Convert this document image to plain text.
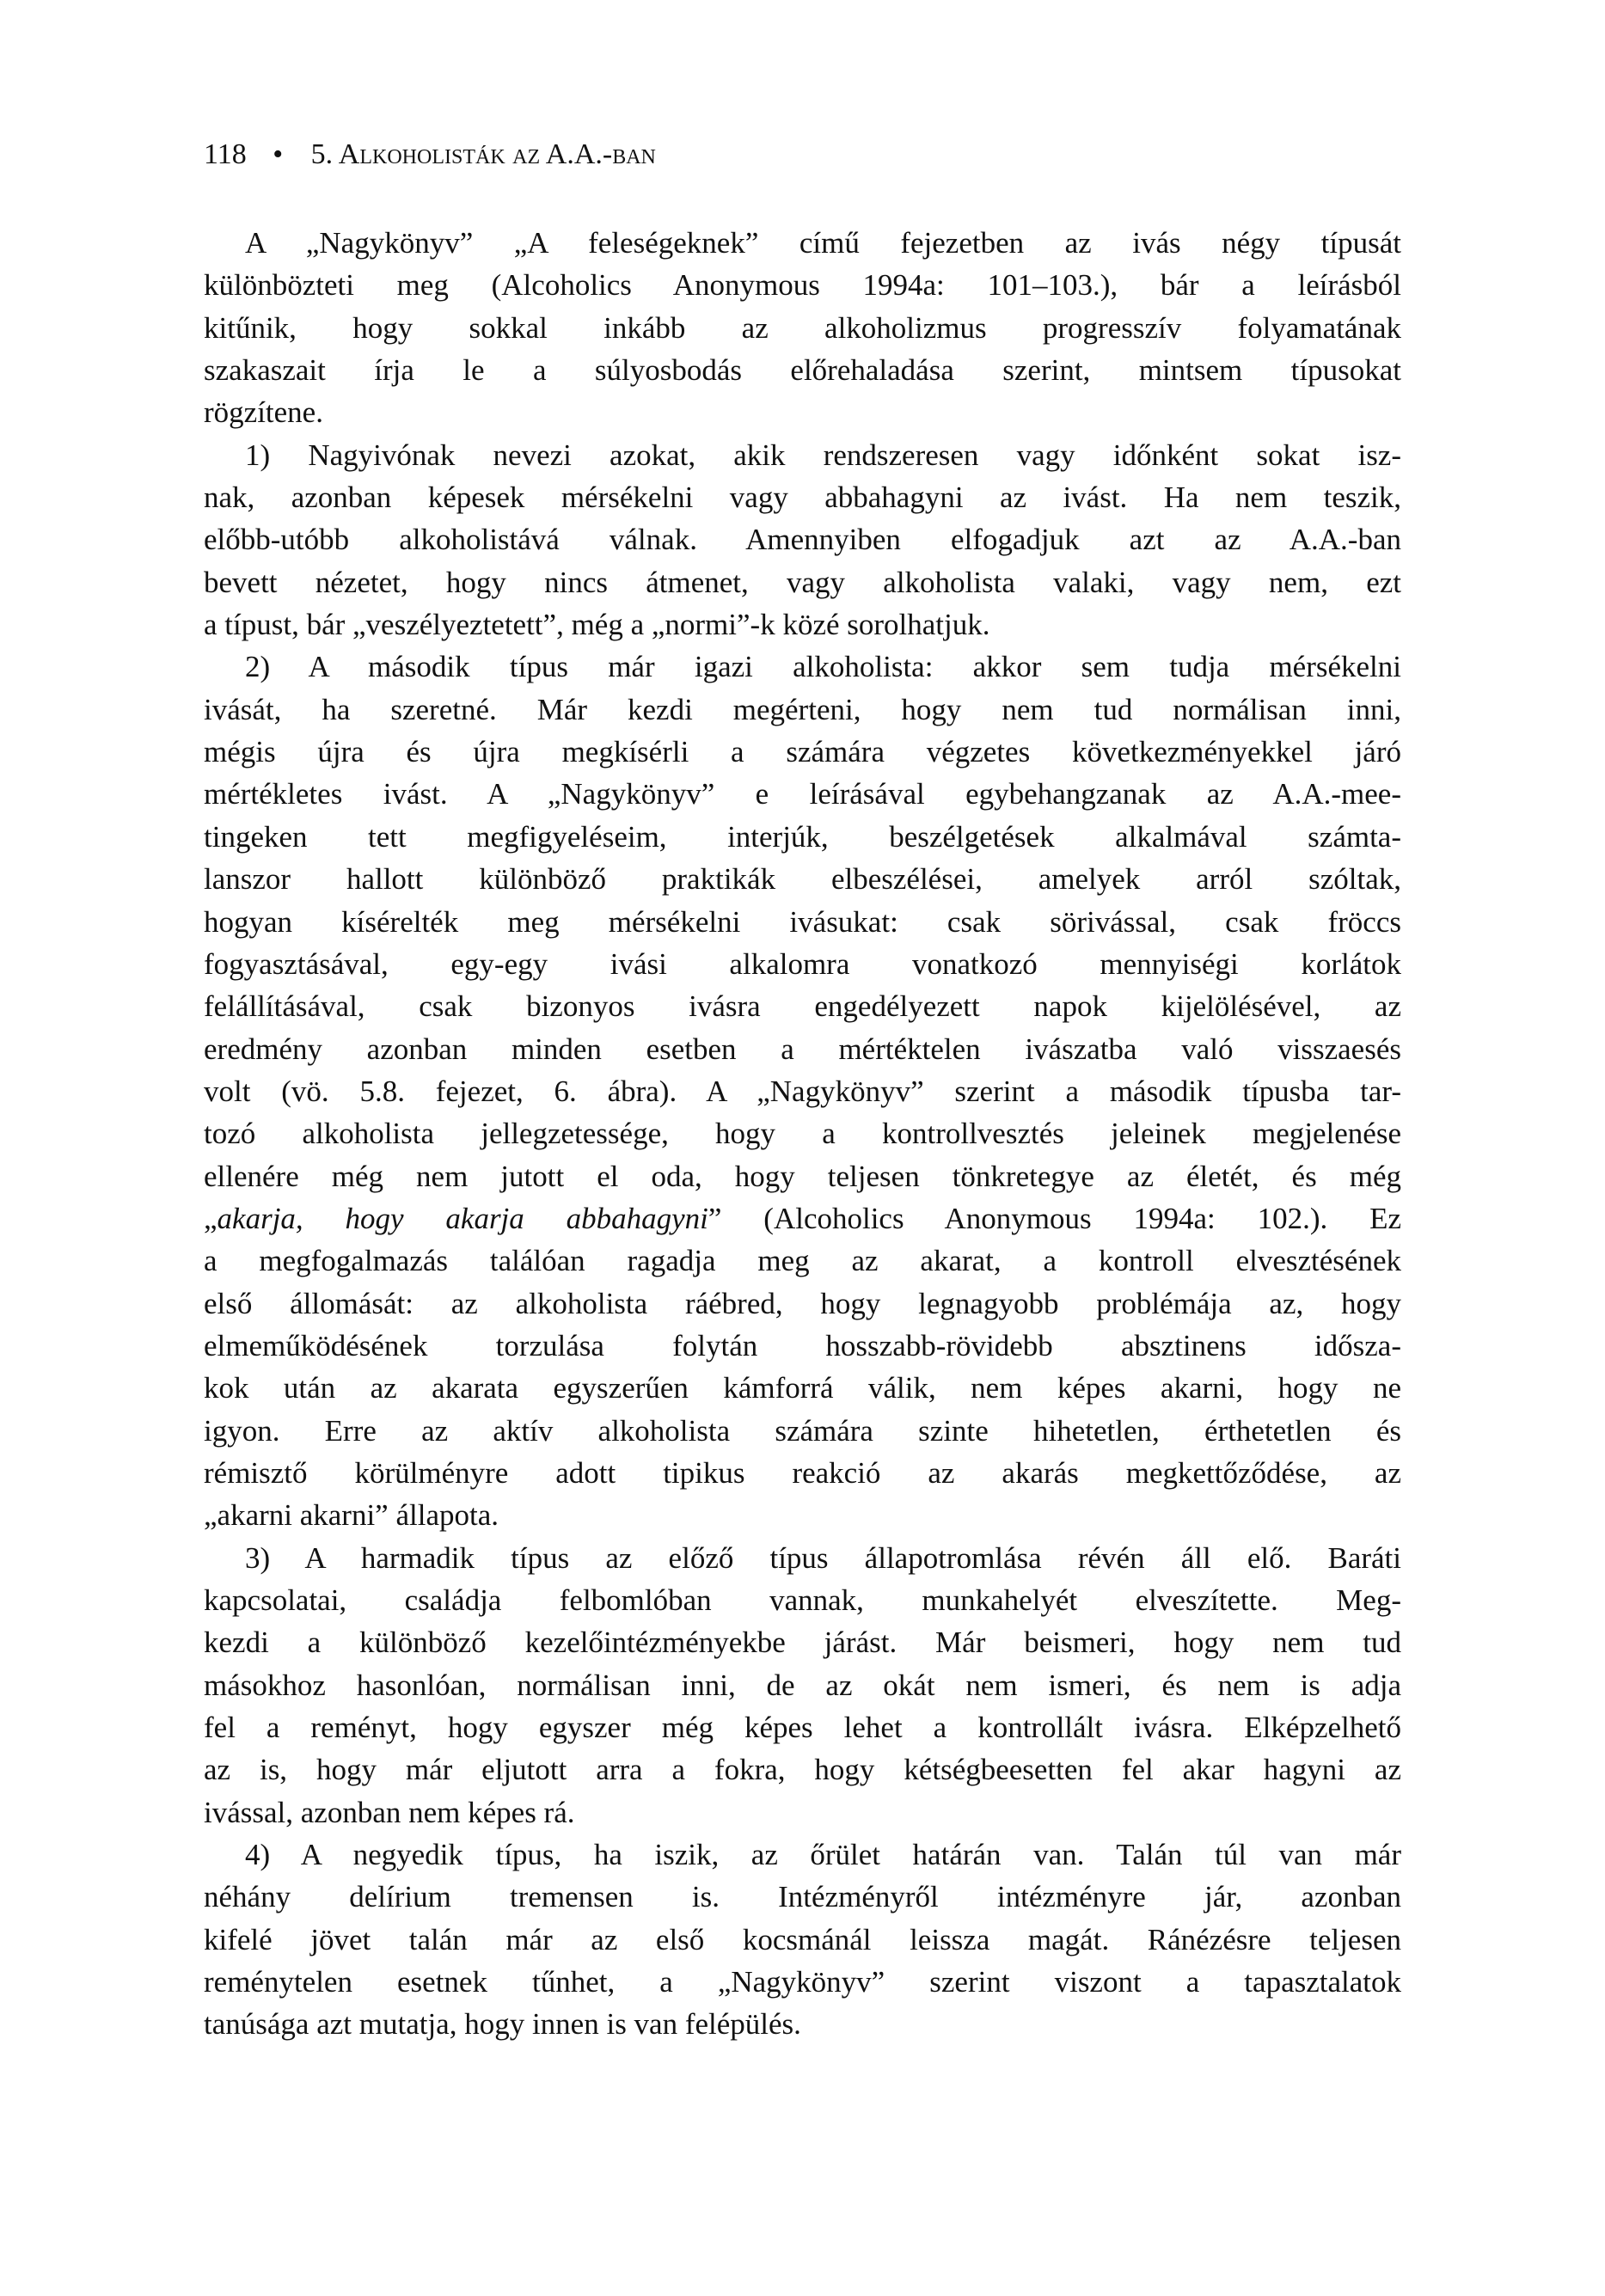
118 • 5. Alkoholisták az A.A.-ban
A „Nagykönyv” „A feleségeknek” című fejezetben az ivás négy típusát
különbözteti meg (Alcoholics Anonymous 1994a: 101–103.), bár a leírásból
kitűnik, hogy sokkal inkább az alkoholizmus progresszív folyamatának
szakaszait írja le a súlyosbodás előrehaladása szerint, mintsem típusokat
rögzítene.
1) Nagyivónak nevezi azokat, akik rendszeresen vagy időnként sokat isz-
nak, azonban képesek mérsékelni vagy abbahagyni az ivást. Ha nem teszik,
előbb-utóbb alkoholistává válnak. Amennyiben elfogadjuk azt az A.A.-ban
bevett nézetet, hogy nincs átmenet, vagy alkoholista valaki, vagy nem, ezt
a típust, bár „veszélyeztetett”, még a „normi”-k közé sorolhatjuk.
2) A második típus már igazi alkoholista: akkor sem tudja mérsékelni
ivását, ha szeretné. Már kezdi megérteni, hogy nem tud normálisan inni,
mégis újra és újra megkísérli a számára végzetes következményekkel járó
mértékletes ivást. A „Nagykönyv” e leírásával egybehangzanak az A.A.-mee-
tingeken tett megfigyeléseim, interjúk, beszélgetések alkalmával számta-
lanszor hallott különböző praktikák elbeszélései, amelyek arról szóltak,
hogyan kísérelték meg mérsékelni ivásukat: csak sörivással, csak fröccs
fogyasztásával, egy-egy ivási alkalomra vonatkozó mennyiségi korlátok
felállításával, csak bizonyos ivásra engedélyezett napok kijelölésével, az
eredmény azonban minden esetben a mértéktelen ivászatba való visszaesés
volt (vö. 5.8. fejezet, 6. ábra). A „Nagykönyv” szerint a második típusba tar-
tozó alkoholista jellegzetessége, hogy a kontrollvesztés jeleinek megjelenése
ellenére még nem jutott el oda, hogy teljesen tönkretegye az életét, és még
„akarja, hogy akarja abbahagyni” (Alcoholics Anonymous 1994a: 102.). Ez
a megfogalmazás találóan ragadja meg az akarat, a kontroll elvesztésének
első állomását: az alkoholista ráébred, hogy legnagyobb problémája az, hogy
elmeműködésének torzulása folytán hosszabb-rövidebb absztinens idősza-
kok után az akarata egyszerűen kámforrá válik, nem képes akarni, hogy ne
igyon. Erre az aktív alkoholista számára szinte hihetetlen, érthetetlen és
rémisztő körülményre adott tipikus reakció az akarás megkettőződése, az
„akarni akarni” állapota.
3) A harmadik típus az előző típus állapotromlása révén áll elő. Baráti
kapcsolatai, családja felbomlóban vannak, munkahelyét elveszítette. Meg-
kezdi a különböző kezelőintézményekbe járást. Már beismeri, hogy nem tud
másokhoz hasonlóan, normálisan inni, de az okát nem ismeri, és nem is adja
fel a reményt, hogy egyszer még képes lehet a kontrollált ivásra. Elképzelhető
az is, hogy már eljutott arra a fokra, hogy kétségbeesetten fel akar hagyni az
ivással, azonban nem képes rá.
4) A negyedik típus, ha iszik, az őrület határán van. Talán túl van már
néhány delírium tremensen is. Intézményről intézményre jár, azonban
kifelé jövet talán már az első kocsmánál leissza magát. Ránézésre teljesen
reménytelen esetnek tűnhet, a „Nagykönyv” szerint viszont a tapasztalatok
tanúsága azt mutatja, hogy innen is van felépülés.
